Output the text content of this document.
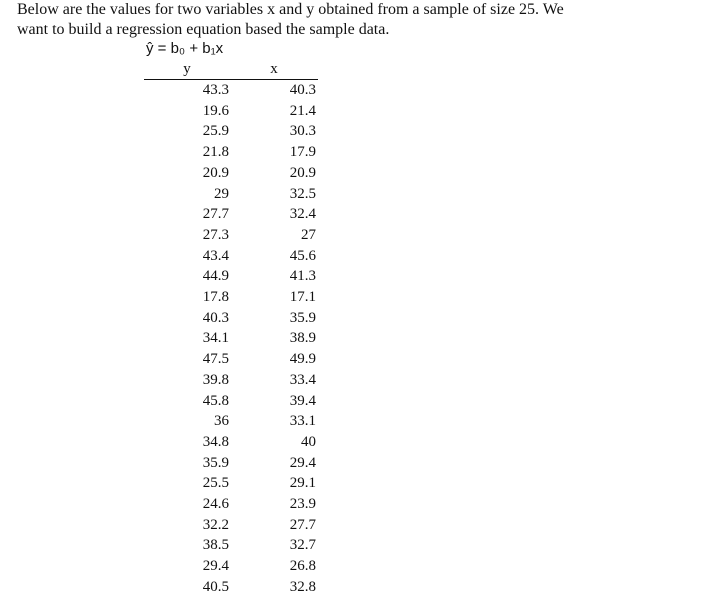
Below are the values for two variables x and y obtained from a sample of size 25. We
want to build a regression equation based the sample data.

ŷ = b₀ + b₁x
y	x
43.3	40.3
19.6	21.4
25.9	30.3
21.8	17.9
20.9	20.9
29	32.5
27.7	32.4
27.3	27
43.4	45.6
44.9	41.3
17.8	17.1
40.3	35.9
34.1	38.9
47.5	49.9
39.8	33.4
45.8	39.4
36	33.1
34.8	40
35.9	29.4
25.5	29.1
24.6	23.9
32.2	27.7
38.5	32.7
29.4	26.8
40.5	32.8
